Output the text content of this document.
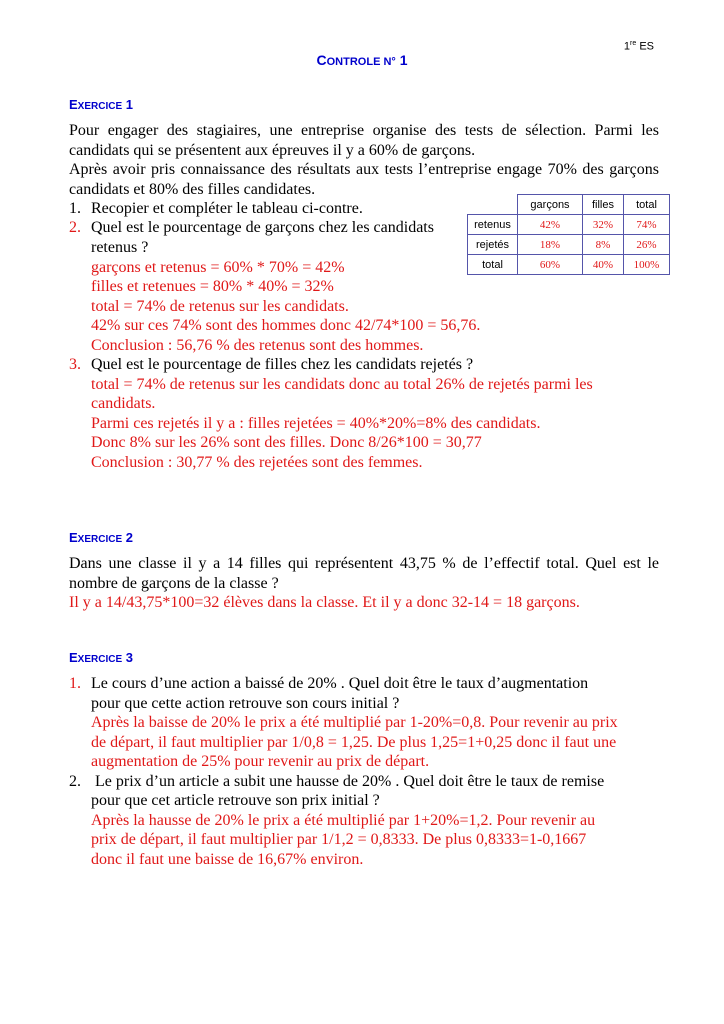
1re ES
CONTROLE N° 1
EXERCICE 1
Pour engager des stagiaires, une entreprise organise des tests de sélection. Parmi les candidats qui se présentent aux épreuves il y a 60% de garçons.
Après avoir pris connaissance des résultats aux tests l’entreprise engage 70% des garçons candidats et 80% des filles candidates.
1. Recopier et compléter le tableau ci-contre.
2. Quel est le pourcentage de garçons chez les candidats
retenus ?
garçons et retenus = 60% * 70% = 42%
filles et retenues = 80% * 40% = 32%
total = 74% de retenus sur les candidats.
42% sur ces 74% sont des hommes donc 42/74*100 = 56,76.
Conclusion : 56,76 % des retenus sont des hommes.
3. Quel est le pourcentage de filles chez les candidats rejetés ?
total = 74% de retenus sur les candidats donc au total 26% de rejetés parmi les
candidats.
Parmi ces rejetés il y a : filles rejetées = 40%*20%=8% des candidats.
Donc 8% sur les 26% sont des filles. Donc 8/26*100 = 30,77
Conclusion : 30,77 % des rejetées sont des femmes.
	garçons	filles	total
retenus	42%	32%	74%
rejetés	18%	8%	26%
total	60%	40%	100%
EXERCICE 2
Dans une classe il y a 14 filles qui représentent 43,75 % de l’effectif total. Quel est le nombre de garçons de la classe ?
Il y a 14/43,75*100=32 élèves dans la classe. Et il y a donc 32-14 = 18 garçons.
EXERCICE 3
1. Le cours d’une action a baissé de 20% . Quel doit être le taux d’augmentation
pour que cette action retrouve son cours initial ?
Après la baisse de 20% le prix a été multiplié par 1-20%=0,8. Pour revenir au prix
de départ, il faut multiplier par 1/0,8 = 1,25. De plus 1,25=1+0,25 donc il faut une
augmentation de 25% pour revenir au prix de départ.
2. Le prix d’un article a subit une hausse de 20% . Quel doit être le taux de remise
pour que cet article retrouve son prix initial ?
Après la hausse de 20% le prix a été multiplié par 1+20%=1,2. Pour revenir au
prix de départ, il faut multiplier par 1/1,2 = 0,8333. De plus 0,8333=1-0,1667
donc il faut une baisse de 16,67% environ.
